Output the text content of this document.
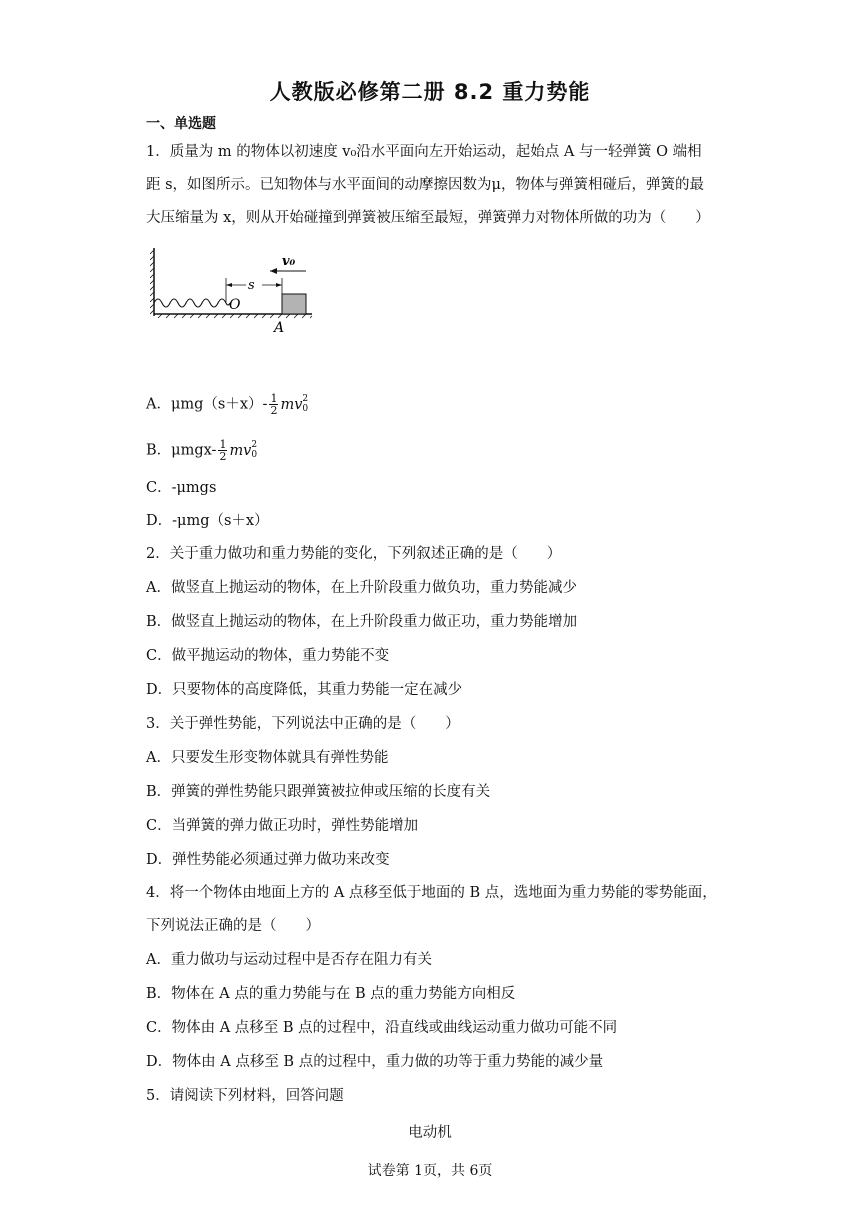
人教版必修第二册 8.2 重力势能
一、单选题
1．质量为 m 的物体以初速度 v₀沿水平面向左开始运动，起始点 A 与一轻弹簧 O 端相
距 s，如图所示。已知物体与水平面间的动摩擦因数为μ，物体与弹簧相碰后，弹簧的最
大压缩量为 x，则从开始碰撞到弹簧被压缩至最短，弹簧弹力对物体所做的功为（　　）
s
v₀
O
A
A．$\mu mg(s+x)- \frac{1}{2}$ mv 2
0
B．$\mu mgx- \frac{1}{2}$ mv 2
0
C．-μmgs
D．-μmg（s＋x）
2．关于重力做功和重力势能的变化，下列叙述正确的是（　　）
A．做竖直上抛运动的物体，在上升阶段重力做负功，重力势能减少
B．做竖直上抛运动的物体，在上升阶段重力做正功，重力势能增加
C．做平抛运动的物体，重力势能不变
D．只要物体的高度降低，其重力势能一定在减少
3．关于弹性势能，下列说法中正确的是（　　）
A．只要发生形变物体就具有弹性势能
B．弹簧的弹性势能只跟弹簧被拉伸或压缩的长度有关
C．当弹簧的弹力做正功时，弹性势能增加
D．弹性势能必须通过弹力做功来改变
4．将一个物体由地面上方的 A 点移至低于地面的 B 点，选地面为重力势能的零势能面，
下列说法正确的是（　　）
A．重力做功与运动过程中是否存在阻力有关
B．物体在 A 点的重力势能与在 B 点的重力势能方向相反
C．物体由 A 点移至 B 点的过程中，沿直线或曲线运动重力做功可能不同
D．物体由 A 点移至 B 点的过程中，重力做的功等于重力势能的减少量
5．请阅读下列材料，回答问题
电动机
试卷第 1页，共 6页
